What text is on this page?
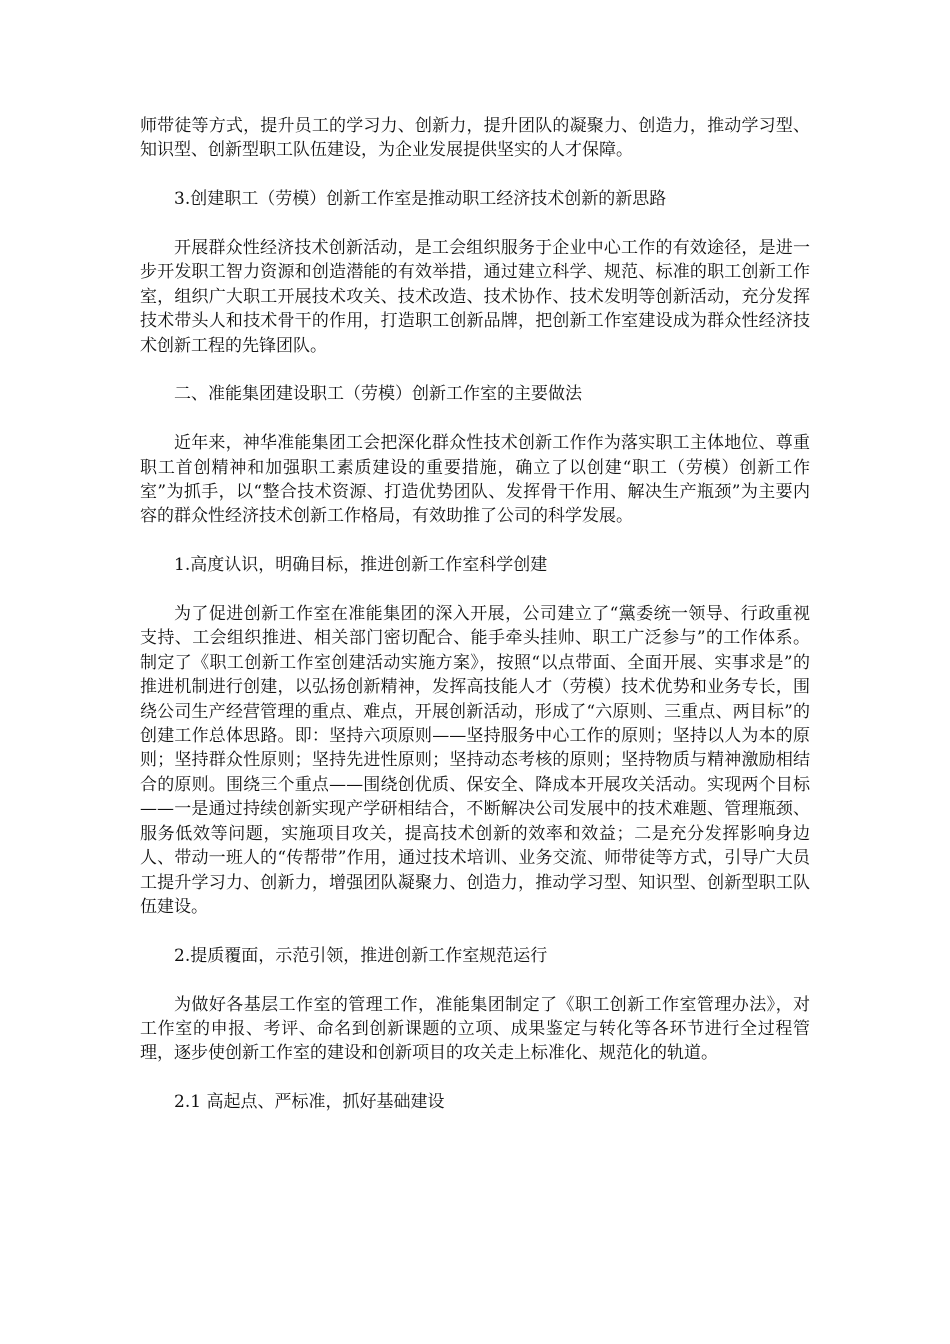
师带徒等方式，提升员工的学习力、创新力，提升团队的凝聚力、创造力，推动学习型、知识型、创新型职工队伍建设，为企业发展提供坚实的人才保障。

3.创建职工（劳模）创新工作室是推动职工经济技术创新的新思路

开展群众性经济技术创新活动，是工会组织服务于企业中心工作的有效途径，是进一步开发职工智力资源和创造潜能的有效举措，通过建立科学、规范、标准的职工创新工作室，组织广大职工开展技术攻关、技术改造、技术协作、技术发明等创新活动，充分发挥技术带头人和技术骨干的作用，打造职工创新品牌，把创新工作室建设成为群众性经济技术创新工程的先锋团队。

二、准能集团建设职工（劳模）创新工作室的主要做法

近年来，神华准能集团工会把深化群众性技术创新工作作为落实职工主体地位、尊重职工首创精神和加强职工素质建设的重要措施，确立了以创建“职工（劳模）创新工作室”为抓手，以“整合技术资源、打造优势团队、发挥骨干作用、解决生产瓶颈”为主要内容的群众性经济技术创新工作格局，有效助推了公司的科学发展。

1.高度认识，明确目标，推进创新工作室科学创建

为了促进创新工作室在准能集团的深入开展，公司建立了“黨委统一领导、行政重视支持、工会组织推进、相关部门密切配合、能手牵头挂帅、职工广泛参与”的工作体系。制定了《职工创新工作室创建活动实施方案》，按照“以点带面、全面开展、实事求是”的推进机制进行创建，以弘扬创新精神，发挥高技能人才（劳模）技术优势和业务专长，围绕公司生产经营管理的重点、难点，开展创新活动，形成了“六原则、三重点、两目标”的创建工作总体思路。即：坚持六项原则——坚持服务中心工作的原则；坚持以人为本的原则；坚持群众性原则；坚持先进性原则；坚持动态考核的原则；坚持物质与精神激励相结合的原则。围绕三个重点——围绕创优质、保安全、降成本开展攻关活动。实现两个目标——一是通过持续创新实现产学研相结合，不断解决公司发展中的技术难题、管理瓶颈、服务低效等问题，实施项目攻关，提高技术创新的效率和效益；二是充分发挥影响身边人、带动一班人的“传帮带”作用，通过技术培训、业务交流、师带徒等方式，引导广大员工提升学习力、创新力，增强团队凝聚力、创造力，推动学习型、知识型、创新型职工队伍建设。

2.提质覆面，示范引领，推进创新工作室规范运行

为做好各基层工作室的管理工作，准能集团制定了《职工创新工作室管理办法》，对工作室的申报、考评、命名到创新课题的立项、成果鉴定与转化等各环节进行全过程管理，逐步使创新工作室的建设和创新项目的攻关走上标准化、规范化的轨道。

2.1 高起点、严标准，抓好基础建设
